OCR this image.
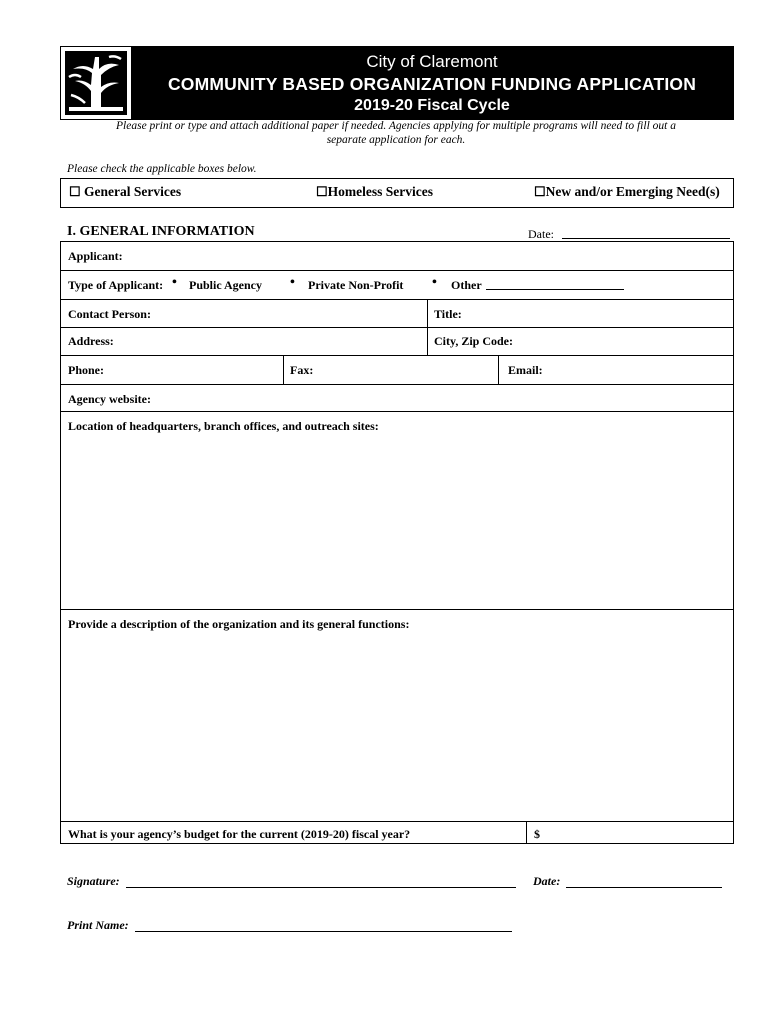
City of Claremont
COMMUNITY BASED ORGANIZATION FUNDING APPLICATION
2019-20 Fiscal Cycle
Please print or type and attach additional paper if needed. Agencies applying for multiple programs will need to fill out a
separate application for each.
Please check the applicable boxes below.
☐ General Services	☐Homeless Services	☐New and/or Emerging Need(s)
I. GENERAL INFORMATION	Date:
Applicant:
Type of Applicant: • Public Agency • Private Non-Profit • Other
Contact Person:	Title:
Address:	City, Zip Code:
Phone:	Fax:	Email:
Agency website:
Location of headquarters, branch offices, and outreach sites:
Provide a description of the organization and its general functions:
What is your agency’s budget for the current (2019-20) fiscal year?	$
Signature:	Date:
Print Name:
